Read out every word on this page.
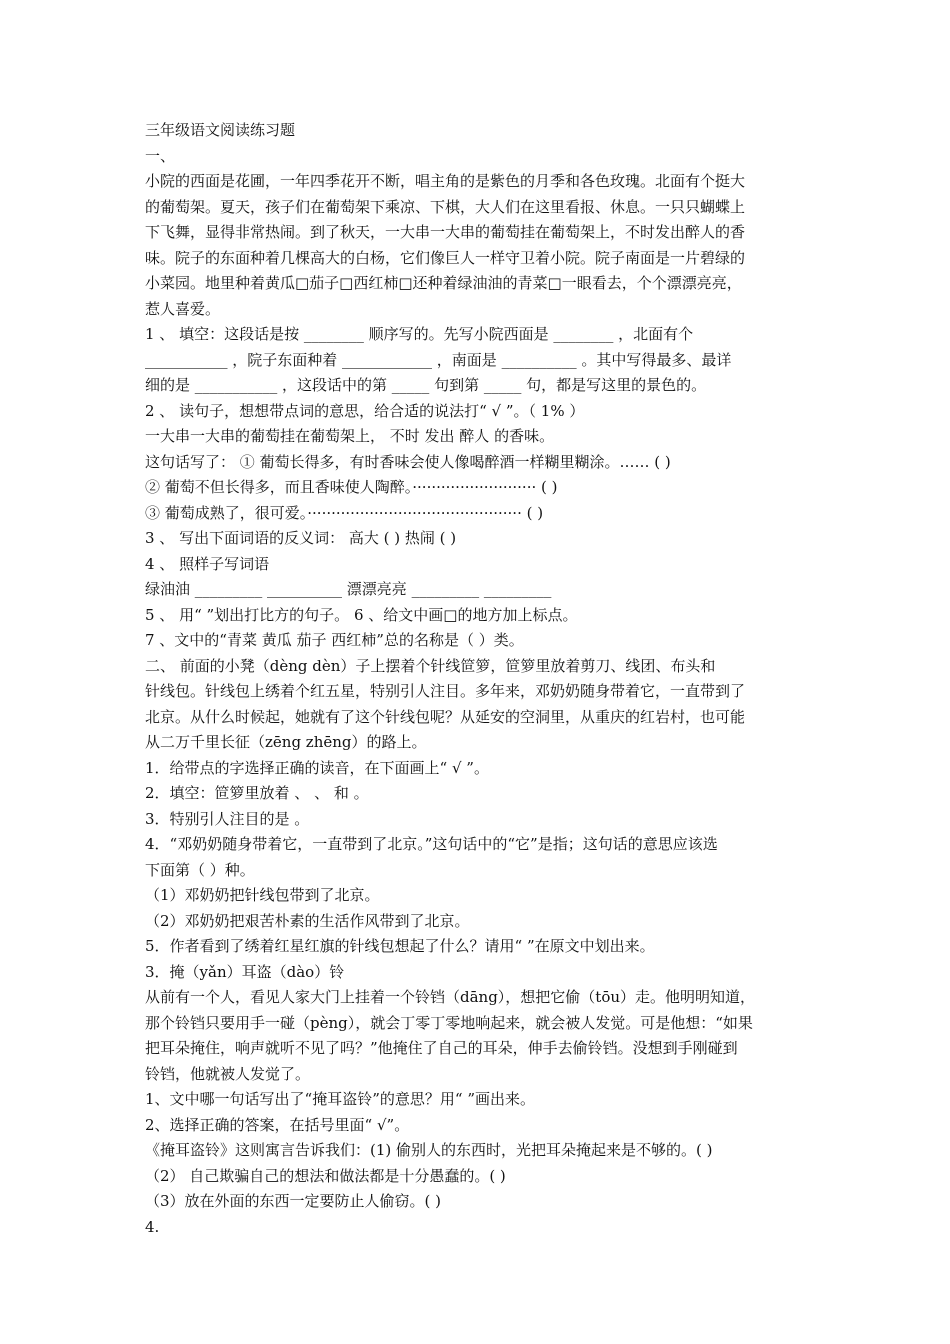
三年级语文阅读练习题
一、
小院的西面是花圃，一年四季花开不断，唱主角的是紫色的月季和各色玫瑰。北面有个挺大
的葡萄架。夏天，孩子们在葡萄架下乘凉、下棋，大人们在这里看报、休息。一只只蝴蝶上
下飞舞，显得非常热闹。到了秋天，一大串一大串的葡萄挂在葡萄架上，不时发出醉人的香
味。院子的东面种着几棵高大的白杨，它们像巨人一样守卫着小院。院子南面是一片碧绿的
小菜园。地里种着黄瓜□茄子□西红柿□还种着绿油油的青菜□一眼看去，个个漂漂亮亮，
惹人喜爱。
1 、 填空：这段话是按 ________ 顺序写的。先写小院西面是 ________ ，北面有个
___________ ，院子东面种着 ____________ ，南面是 __________ 。其中写得最多、最详
细的是 ___________ ，这段话中的第 _____ 句到第 _____ 句，都是写这里的景色的。
2 、 读句子，想想带点词的意思，给合适的说法打“ √ ”。（ 1% ）
一大串一大串的葡萄挂在葡萄架上， 不时 发出 醉人 的香味。
这句话写了： ① 葡萄长得多，有时香味会使人像喝醉酒一样糊里糊涂。…… ( )
② 葡萄不但长得多，而且香味使人陶醉。·························· ( )
③ 葡萄成熟了，很可爱。············································· ( )
3 、 写出下面词语的反义词： 高大 ( ) 热闹 ( )
4 、 照样子写词语
绿油油 _________ __________ 漂漂亮亮 _________ _________
5 、 用“ ”划出打比方的句子。 6 、给文中画□的地方加上标点。
7 、文中的“青菜 黄瓜 茄子 西红柿”总的名称是（ ）类。
二、 前面的小凳（dèng dèn）子上摆着个针线笸箩，笸箩里放着剪刀、线团、布头和
针线包。针线包上绣着个红五星，特别引人注目。多年来，邓奶奶随身带着它，一直带到了
北京。从什么时候起，她就有了这个针线包呢？从延安的空洞里，从重庆的红岩村，也可能
从二万千里长征（zēng zhēng）的路上。
1．给带点的字选择正确的读音，在下面画上“ √ ”。
2．填空：笸箩里放着 、 、 和 。
3．特别引人注目的是 。
4．“邓奶奶随身带着它，一直带到了北京。”这句话中的“它”是指；这句话的意思应该选
下面第（ ）种。
（1）邓奶奶把针线包带到了北京。
（2）邓奶奶把艰苦朴素的生活作风带到了北京。
5．作者看到了绣着红星红旗的针线包想起了什么？请用“ ”在原文中划出来。
3．掩（yǎn）耳盗（dào）铃
从前有一个人，看见人家大门上挂着一个铃铛（dāng），想把它偷（tōu）走。他明明知道，
那个铃铛只要用手一碰（pèng），就会丁零丁零地响起来，就会被人发觉。可是他想：“如果
把耳朵掩住，响声就听不见了吗？”他掩住了自己的耳朵，伸手去偷铃铛。没想到手刚碰到
铃铛，他就被人发觉了。
1、文中哪一句话写出了“掩耳盗铃”的意思？用“ ”画出来。
2、选择正确的答案，在括号里面“ √”。
《掩耳盗铃》这则寓言告诉我们：(1) 偷别人的东西时，光把耳朵掩起来是不够的。( )
（2） 自己欺骗自己的想法和做法都是十分愚蠢的。( )
（3）放在外面的东西一定要防止人偷窃。( )
4.
